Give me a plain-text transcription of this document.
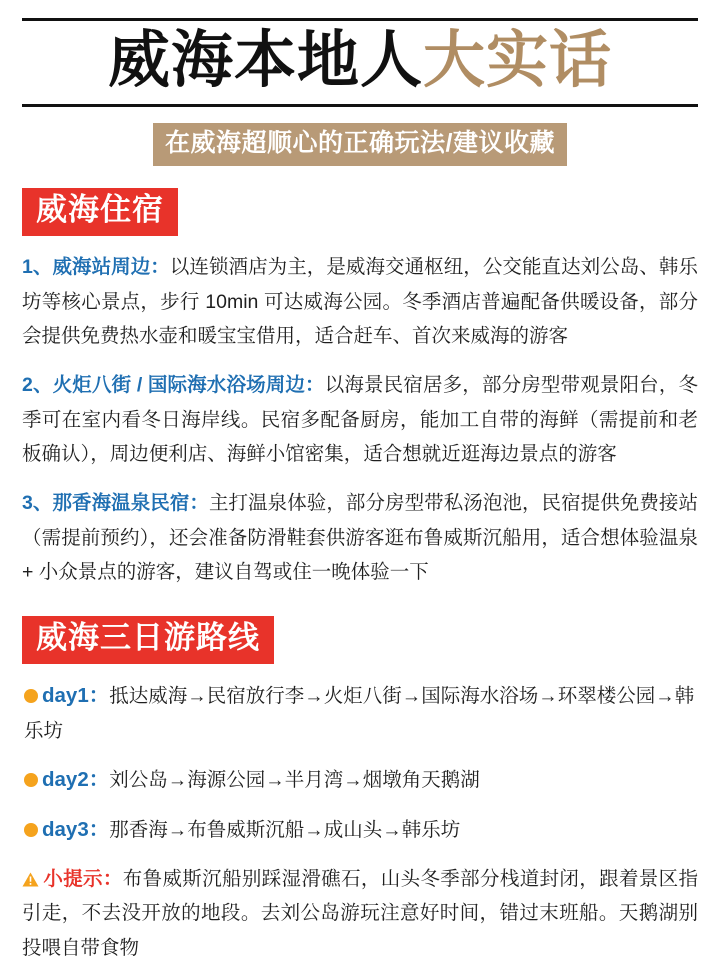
威海本地人大实话
在威海超顺心的正确玩法/建议收藏
威海住宿
1、威海站周边：以连锁酒店为主，是威海交通枢纽，公交能直达刘公岛、韩乐坊等核心景点，步行 10min 可达威海公园。冬季酒店普遍配备供暖设备，部分会提供免费热水壶和暖宝宝借用，适合赶车、首次来威海的游客
2、火炬八街 / 国际海水浴场周边：以海景民宿居多，部分房型带观景阳台，冬季可在室内看冬日海岸线。民宿多配备厨房，能加工自带的海鲜（需提前和老板确认），周边便利店、海鲜小馆密集，适合想就近逛海边景点的游客
3、那香海温泉民宿：主打温泉体验，部分房型带私汤泡池，民宿提供免费接站（需提前预约），还会准备防滑鞋套供游客逛布鲁威斯沉船用，适合想体验温泉 + 小众景点的游客，建议自驾或住一晚体验一下
威海三日游路线
day1：抵达威海→民宿放行李→火炬八街→国际海水浴场→环翠楼公园→韩乐坊
day2：刘公岛→海源公园→半月湾→烟墩角天鹅湖
day3：那香海→布鲁威斯沉船→成山头→韩乐坊
小提示：布鲁威斯沉船别踩湿滑礁石，山头冬季部分栈道封闭，跟着景区指引走，不去没开放的地段。去刘公岛游玩注意好时间，错过末班船。天鹅湖别投喂自带食物
